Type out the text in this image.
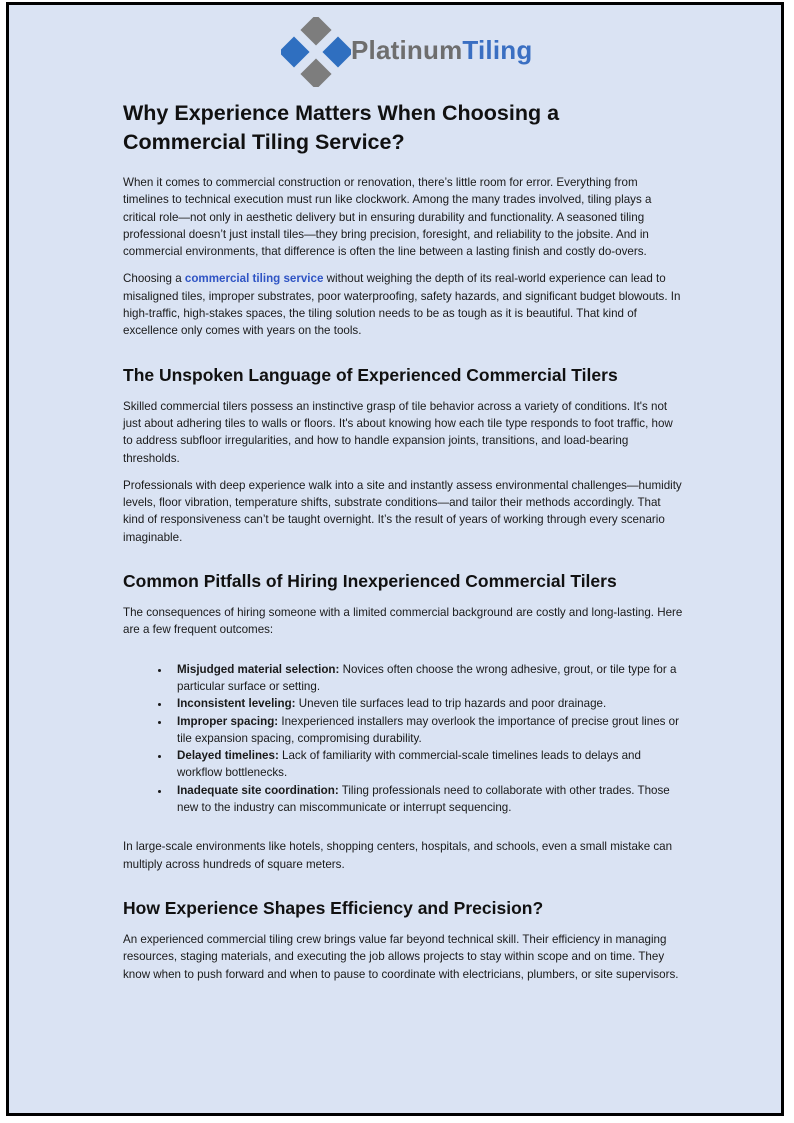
PlatinumTiling
Why Experience Matters When Choosing a Commercial Tiling Service?

When it comes to commercial construction or renovation, there’s little room for error. Everything from timelines to technical execution must run like clockwork. Among the many trades involved, tiling plays a critical role—not only in aesthetic delivery but in ensuring durability and functionality. A seasoned tiling professional doesn’t just install tiles—they bring precision, foresight, and reliability to the jobsite. And in commercial environments, that difference is often the line between a lasting finish and costly do-overs.

Choosing a commercial tiling service without weighing the depth of its real-world experience can lead to misaligned tiles, improper substrates, poor waterproofing, safety hazards, and significant budget blowouts. In high-traffic, high-stakes spaces, the tiling solution needs to be as tough as it is beautiful. That kind of excellence only comes with years on the tools.

The Unspoken Language of Experienced Commercial Tilers

Skilled commercial tilers possess an instinctive grasp of tile behavior across a variety of conditions. It's not just about adhering tiles to walls or floors. It's about knowing how each tile type responds to foot traffic, how to address subfloor irregularities, and how to handle expansion joints, transitions, and load-bearing thresholds.

Professionals with deep experience walk into a site and instantly assess environmental challenges—humidity levels, floor vibration, temperature shifts, substrate conditions—and tailor their methods accordingly. That kind of responsiveness can’t be taught overnight. It’s the result of years of working through every scenario imaginable.

Common Pitfalls of Hiring Inexperienced Commercial Tilers

The consequences of hiring someone with a limited commercial background are costly and long-lasting. Here are a few frequent outcomes:

• Misjudged material selection: Novices often choose the wrong adhesive, grout, or tile type for a particular surface or setting.
• Inconsistent leveling: Uneven tile surfaces lead to trip hazards and poor drainage.
• Improper spacing: Inexperienced installers may overlook the importance of precise grout lines or tile expansion spacing, compromising durability.
• Delayed timelines: Lack of familiarity with commercial-scale timelines leads to delays and workflow bottlenecks.
• Inadequate site coordination: Tiling professionals need to collaborate with other trades. Those new to the industry can miscommunicate or interrupt sequencing.

In large-scale environments like hotels, shopping centers, hospitals, and schools, even a small mistake can multiply across hundreds of square meters.

How Experience Shapes Efficiency and Precision?

An experienced commercial tiling crew brings value far beyond technical skill. Their efficiency in managing resources, staging materials, and executing the job allows projects to stay within scope and on time. They know when to push forward and when to pause to coordinate with electricians, plumbers, or site supervisors.
